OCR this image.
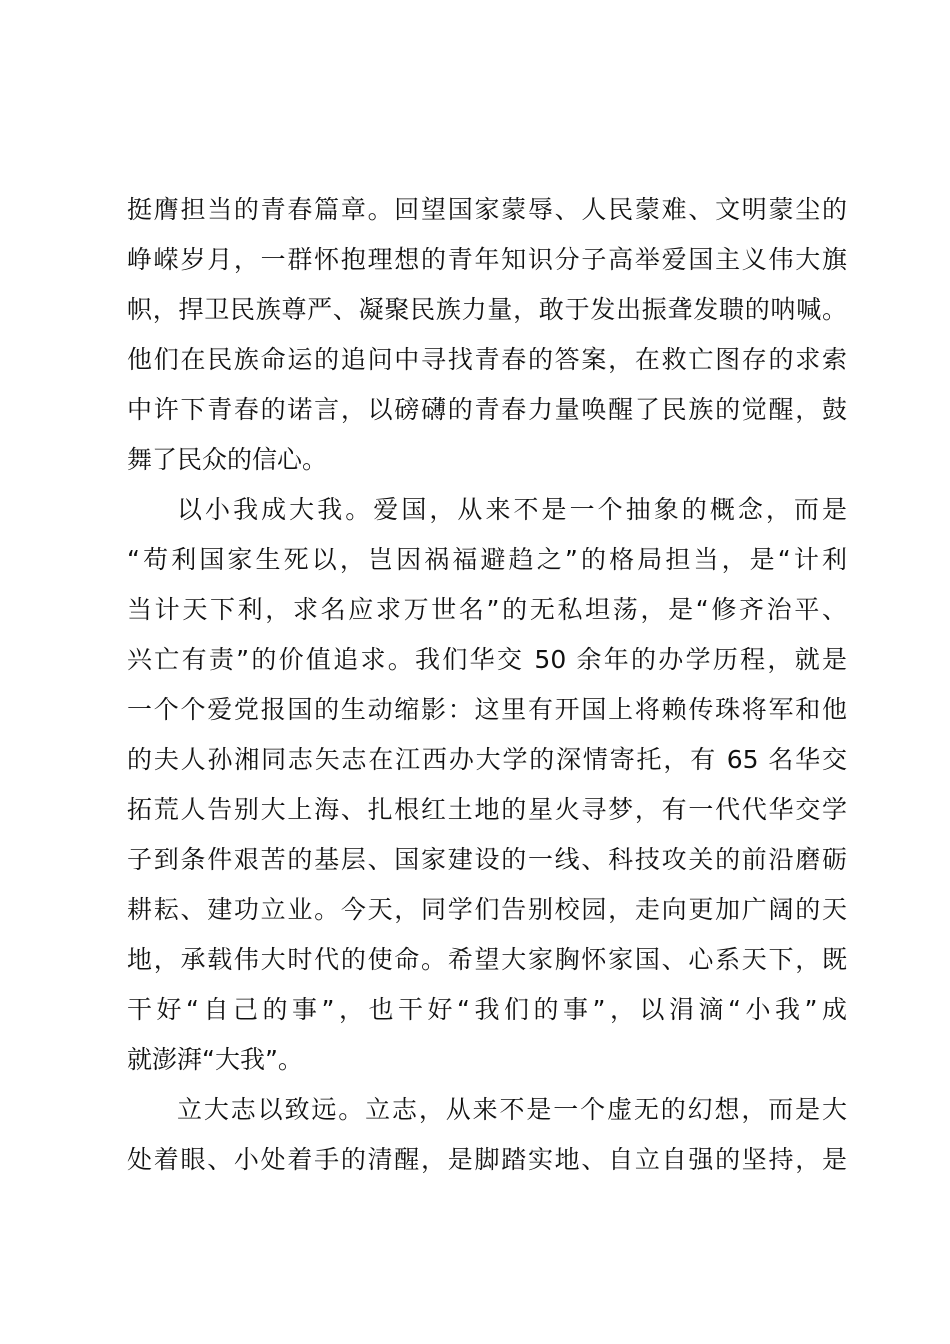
挺膺担当的青春篇章。回望国家蒙辱、人民蒙难、文明蒙尘的
峥嵘岁月，一群怀抱理想的青年知识分子高举爱国主义伟大旗
帜，捍卫民族尊严、凝聚民族力量，敢于发出振聋发聩的呐喊。
他们在民族命运的追问中寻找青春的答案，在救亡图存的求索
中许下青春的诺言，以磅礴的青春力量唤醒了民族的觉醒，鼓
舞了民众的信心。
以小我成大我。爱国，从来不是一个抽象的概念，而是
“苟利国家生死以，岂因祸福避趋之”的格局担当，是“计利
当计天下利，求名应求万世名”的无私坦荡，是“修齐治平、
兴亡有责”的价值追求。我们华交 50 余年的办学历程，就是
一个个爱党报国的生动缩影：这里有开国上将赖传珠将军和他
的夫人孙湘同志矢志在江西办大学的深情寄托，有 65 名华交
拓荒人告别大上海、扎根红土地的星火寻梦，有一代代华交学
子到条件艰苦的基层、国家建设的一线、科技攻关的前沿磨砺
耕耘、建功立业。今天，同学们告别校园，走向更加广阔的天
地，承载伟大时代的使命。希望大家胸怀家国、心系天下，既
干好“自己的事”，也干好“我们的事”，以涓滴“小我”成
就澎湃“大我”。
立大志以致远。立志，从来不是一个虚无的幻想，而是大
处着眼、小处着手的清醒，是脚踏实地、自立自强的坚持，是
